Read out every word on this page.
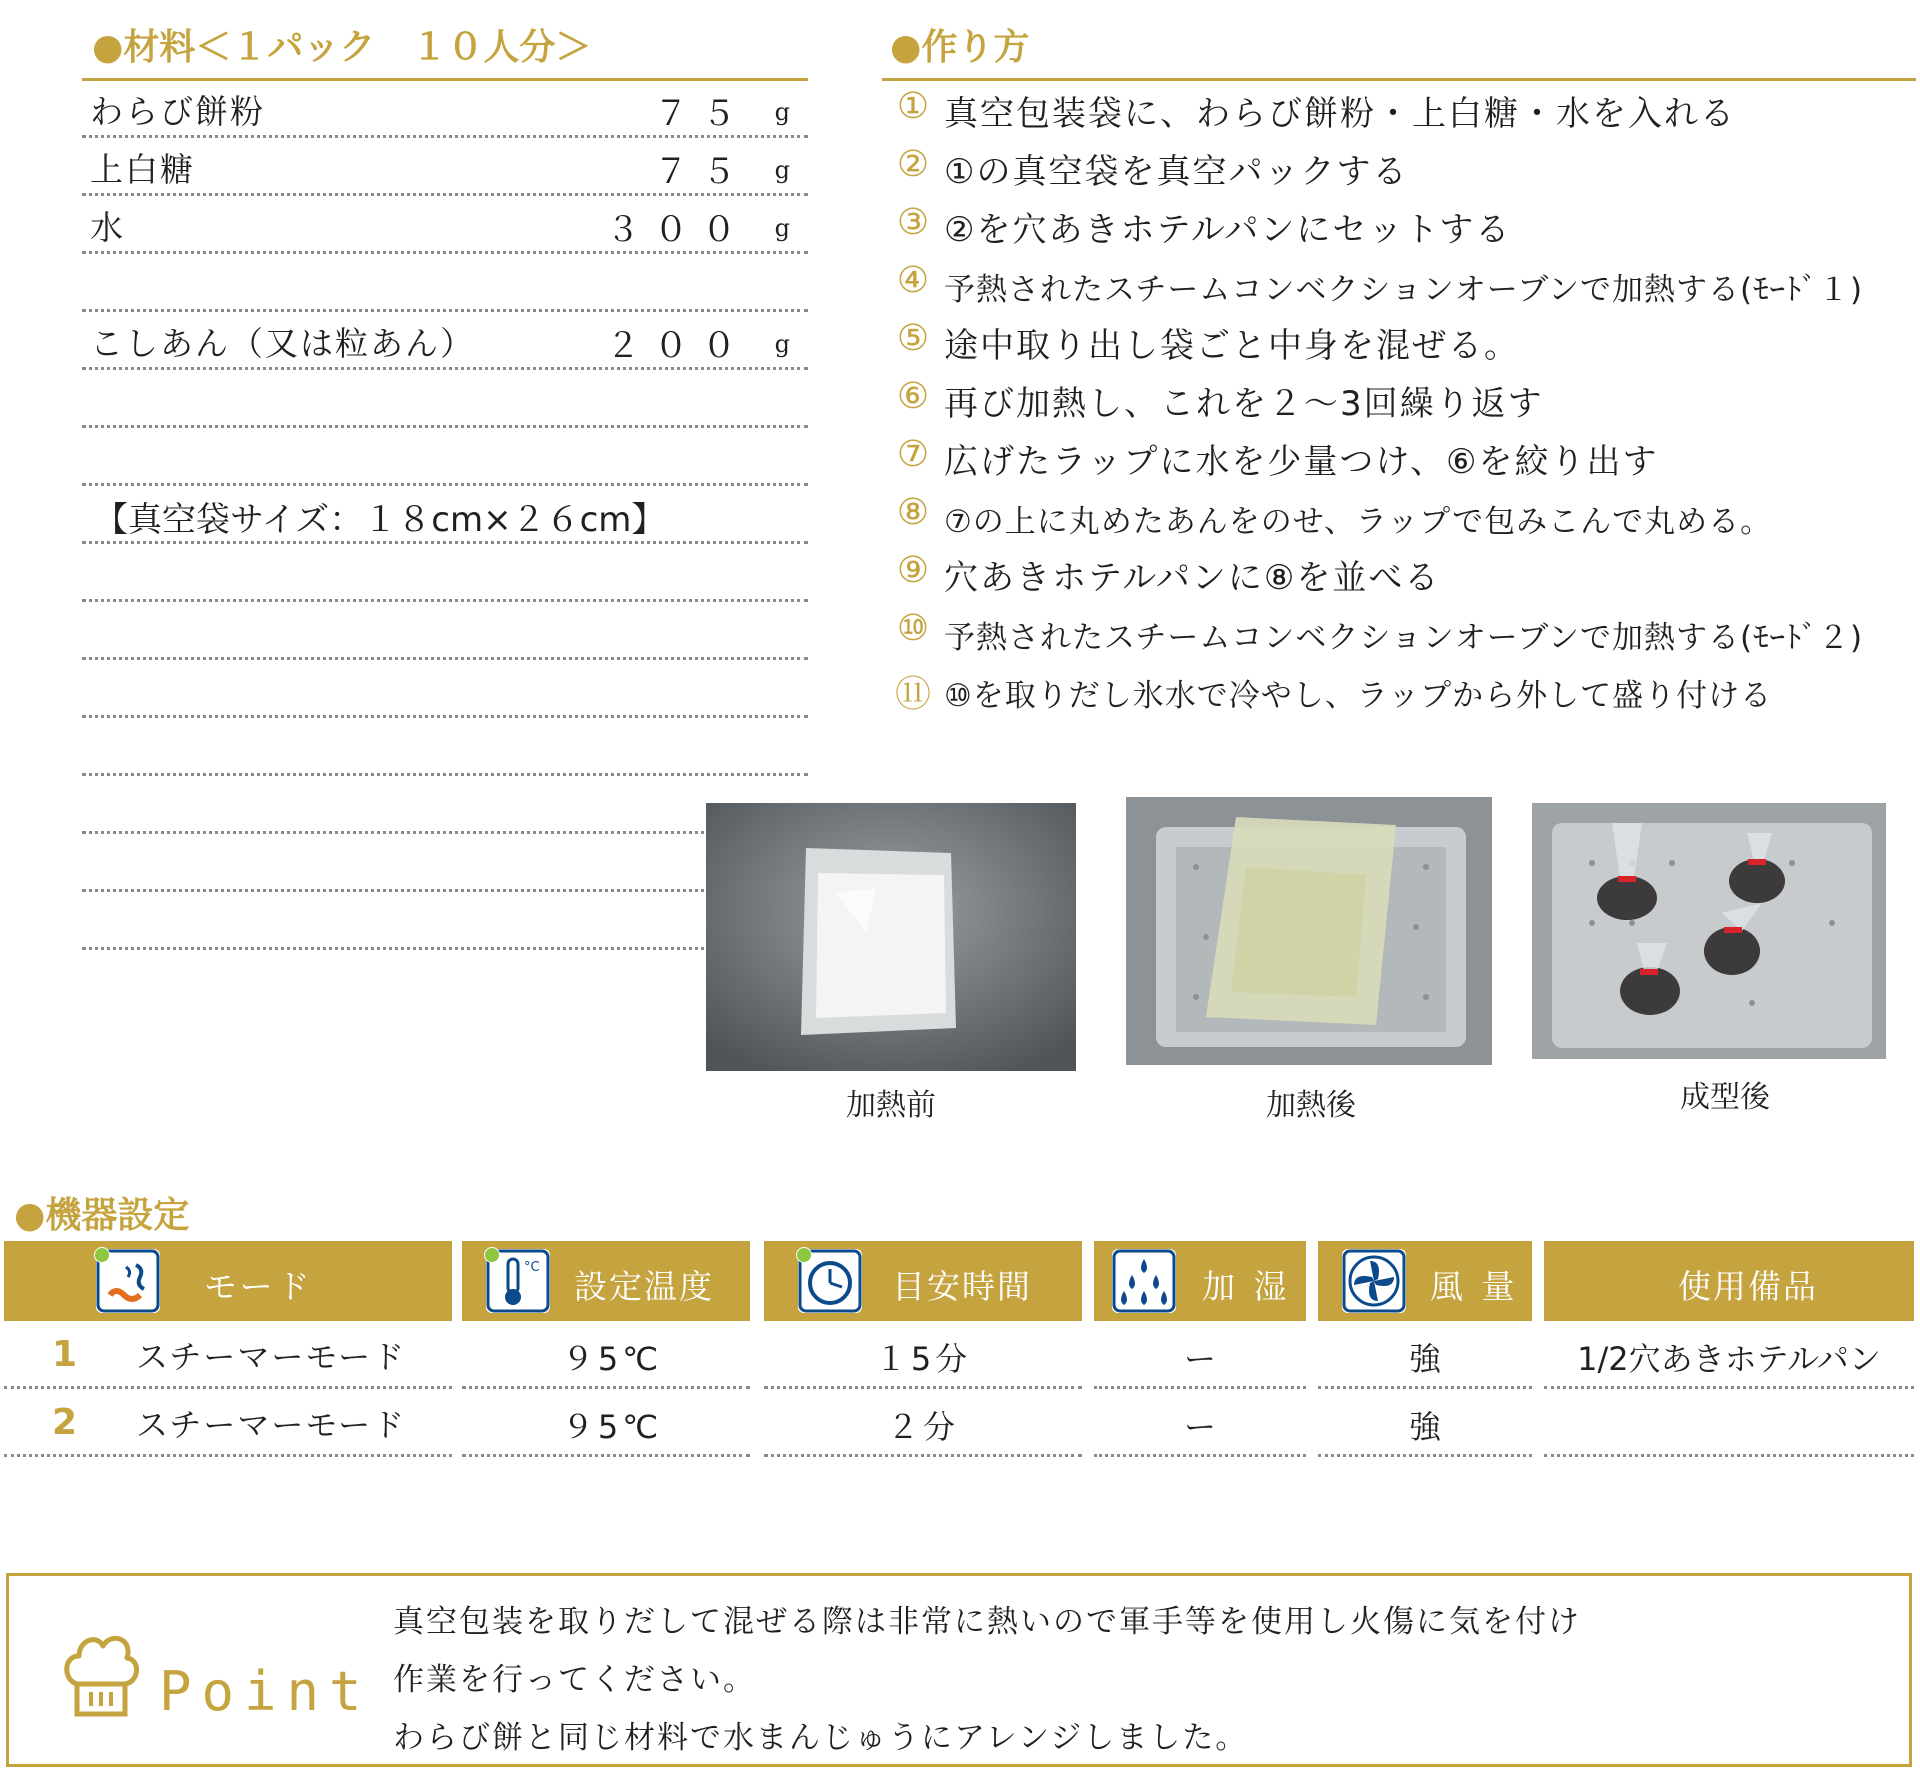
●材料＜１パック　１０人分＞
わらび餅粉	７５ g
上白糖	７５ g
水	３００ g
こしあん（又は粒あん）	２００ g
【真空袋サイズ：１８cm×２６cm】
●作り方
① 真空包装袋に、わらび餅粉・上白糖・水を入れる
② ①の真空袋を真空パックする
③ ②を穴あきホテルパンにセットする
④ 予熱されたスチームコンベクションオーブンで加熱する(ﾓｰﾄﾞ１)
⑤ 途中取り出し袋ごと中身を混ぜる。
⑥ 再び加熱し、これを２～3回繰り返す
⑦ 広げたラップに水を少量つけ、⑥を絞り出す
⑧ ⑦の上に丸めたあんをのせ、ラップで包みこんで丸める。
⑨ 穴あきホテルパンに⑧を並べる
⑩ 予熱されたスチームコンベクションオーブンで加熱する(ﾓｰﾄﾞ２)
⑪ ⑩を取りだし氷水で冷やし、ラップから外して盛り付ける
加熱前	加熱後	成型後
●機器設定
モード	°C 設定温度	目安時間	加 湿	風 量	使用備品
1 スチーマーモード	９5℃	１5分	ー	強	1/2穴あきホテルパン
2 スチーマーモード	９5℃	２分	ー	強
Point
真空包装を取りだして混ぜる際は非常に熱いので軍手等を使用し火傷に気を付け
作業を行ってください。
わらび餅と同じ材料で水まんじゅうにアレンジしました。
